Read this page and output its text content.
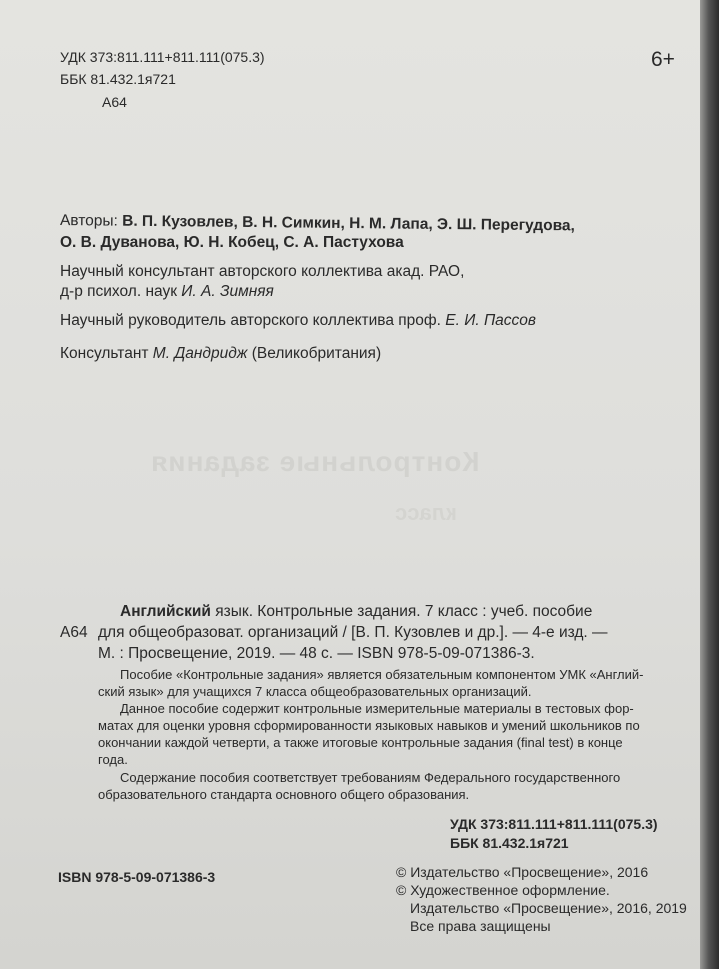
Контрольные задания
класс
УДК 373:811.111+811.111(075.3)
ББК 81.432.1я721
А64
6+
Авторы: В. П. Кузовлев, В. Н. Симкин, Н. М. Лапа, Э. Ш. Перегудова,
О. В. Дуванова, Ю. Н. Кобец, С. А. Пастухова
Научный консультант авторского коллектива акад. РАО,
д-р психол. наук И. А. Зимняя
Научный руководитель авторского коллектива проф. Е. И. Пассов
Консультант М. Дандридж (Великобритания)
Английский язык. Контрольные задания. 7 класс : учеб. пособие
А64 для общеобразоват. организаций / [В. П. Кузовлев и др.]. — 4-е изд. —
М. : Просвещение, 2019. — 48 с. — ISBN 978-5-09-071386-3.
Пособие «Контрольные задания» является обязательным компонентом УМК «Англий-
ский язык» для учащихся 7 класса общеобразовательных организаций.
Данное пособие содержит контрольные измерительные материалы в тестовых фор-
матах для оценки уровня сформированности языковых навыков и умений школьников по
окончании каждой четверти, а также итоговые контрольные задания (final test) в конце
года.
Содержание пособия соответствует требованиям Федерального государственного
образовательного стандарта основного общего образования.
УДК 373:811.111+811.111(075.3)
ББК 81.432.1я721
ISBN 978-5-09-071386-3	© Издательство «Просвещение», 2016
© Художественное оформление.
Издательство «Просвещение», 2016, 2019
Все права защищены
